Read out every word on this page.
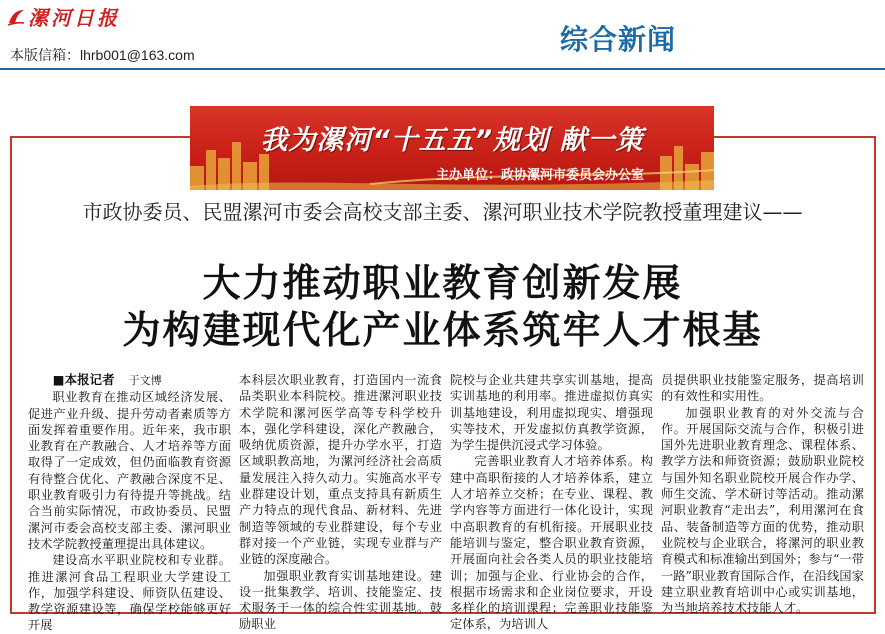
漯河日报
本版信箱：lhrb001@163.com	综合新闻
我为漯河“十五五”规划 献一策
主办单位：政协漯河市委员会办公室
市政协委员、民盟漯河市委会高校支部主委、漯河职业技术学院教授董理建议——
大力推动职业教育创新发展
为构建现代化产业体系筑牢人才根基

■本报记者 于文博

职业教育在推动区域经济发展、促进产业升级、提升劳动者素质等方面发挥着重要作用。近年来，我市职业教育在产教融合、人才培养等方面取得了一定成效，但仍面临教育资源有待整合优化、产教融合深度不足、职业教育吸引力有待提升等挑战。结合当前实际情况，市政协委员、民盟漯河市委会高校支部主委、漯河职业技术学院教授董理提出具体建议。

建设高水平职业院校和专业群。推进漯河食品工程职业大学建设工作，加强学科建设、师资队伍建设、教学资源建设等，确保学校能够更好开展

本科层次职业教育，打造国内一流食品类职业本科院校。推进漯河职业技术学院和漯河医学高等专科学校升本，强化学科建设，深化产教融合，吸纳优质资源，提升办学水平，打造区域职教高地，为漯河经济社会高质量发展注入持久动力。实施高水平专业群建设计划，重点支持具有新质生产力特点的现代食品、新材料、先进制造等领域的专业群建设，每个专业群对接一个产业链，实现专业群与产业链的深度融合。

加强职业教育实训基地建设。建设一批集教学、培训、技能鉴定、技术服务于一体的综合性实训基地。鼓励职业

院校与企业共建共享实训基地，提高实训基地的利用率。推进虚拟仿真实训基地建设，利用虚拟现实、增强现实等技术，开发虚拟仿真教学资源，为学生提供沉浸式学习体验。

完善职业教育人才培养体系。构建中高职衔接的人才培养体系，建立人才培养立交桥；在专业、课程、教学内容等方面进行一体化设计，实现中高职教育的有机衔接。开展职业技能培训与鉴定，整合职业教育资源，开展面向社会各类人员的职业技能培训；加强与企业、行业协会的合作，根据市场需求和企业岗位要求，开设多样化的培训课程；完善职业技能鉴定体系，为培训人

员提供职业技能鉴定服务，提高培训的有效性和实用性。

加强职业教育的对外交流与合作。开展国际交流与合作，积极引进国外先进职业教育理念、课程体系、教学方法和师资资源；鼓励职业院校与国外知名职业院校开展合作办学、师生交流、学术研讨等活动。推动漯河职业教育“走出去”，利用漯河在食品、装备制造等方面的优势，推动职业院校与企业联合，将漯河的职业教育模式和标准输出到国外；参与“一带一路”职业教育国际合作，在沿线国家建立职业教育培训中心或实训基地，为当地培养技术技能人才。
